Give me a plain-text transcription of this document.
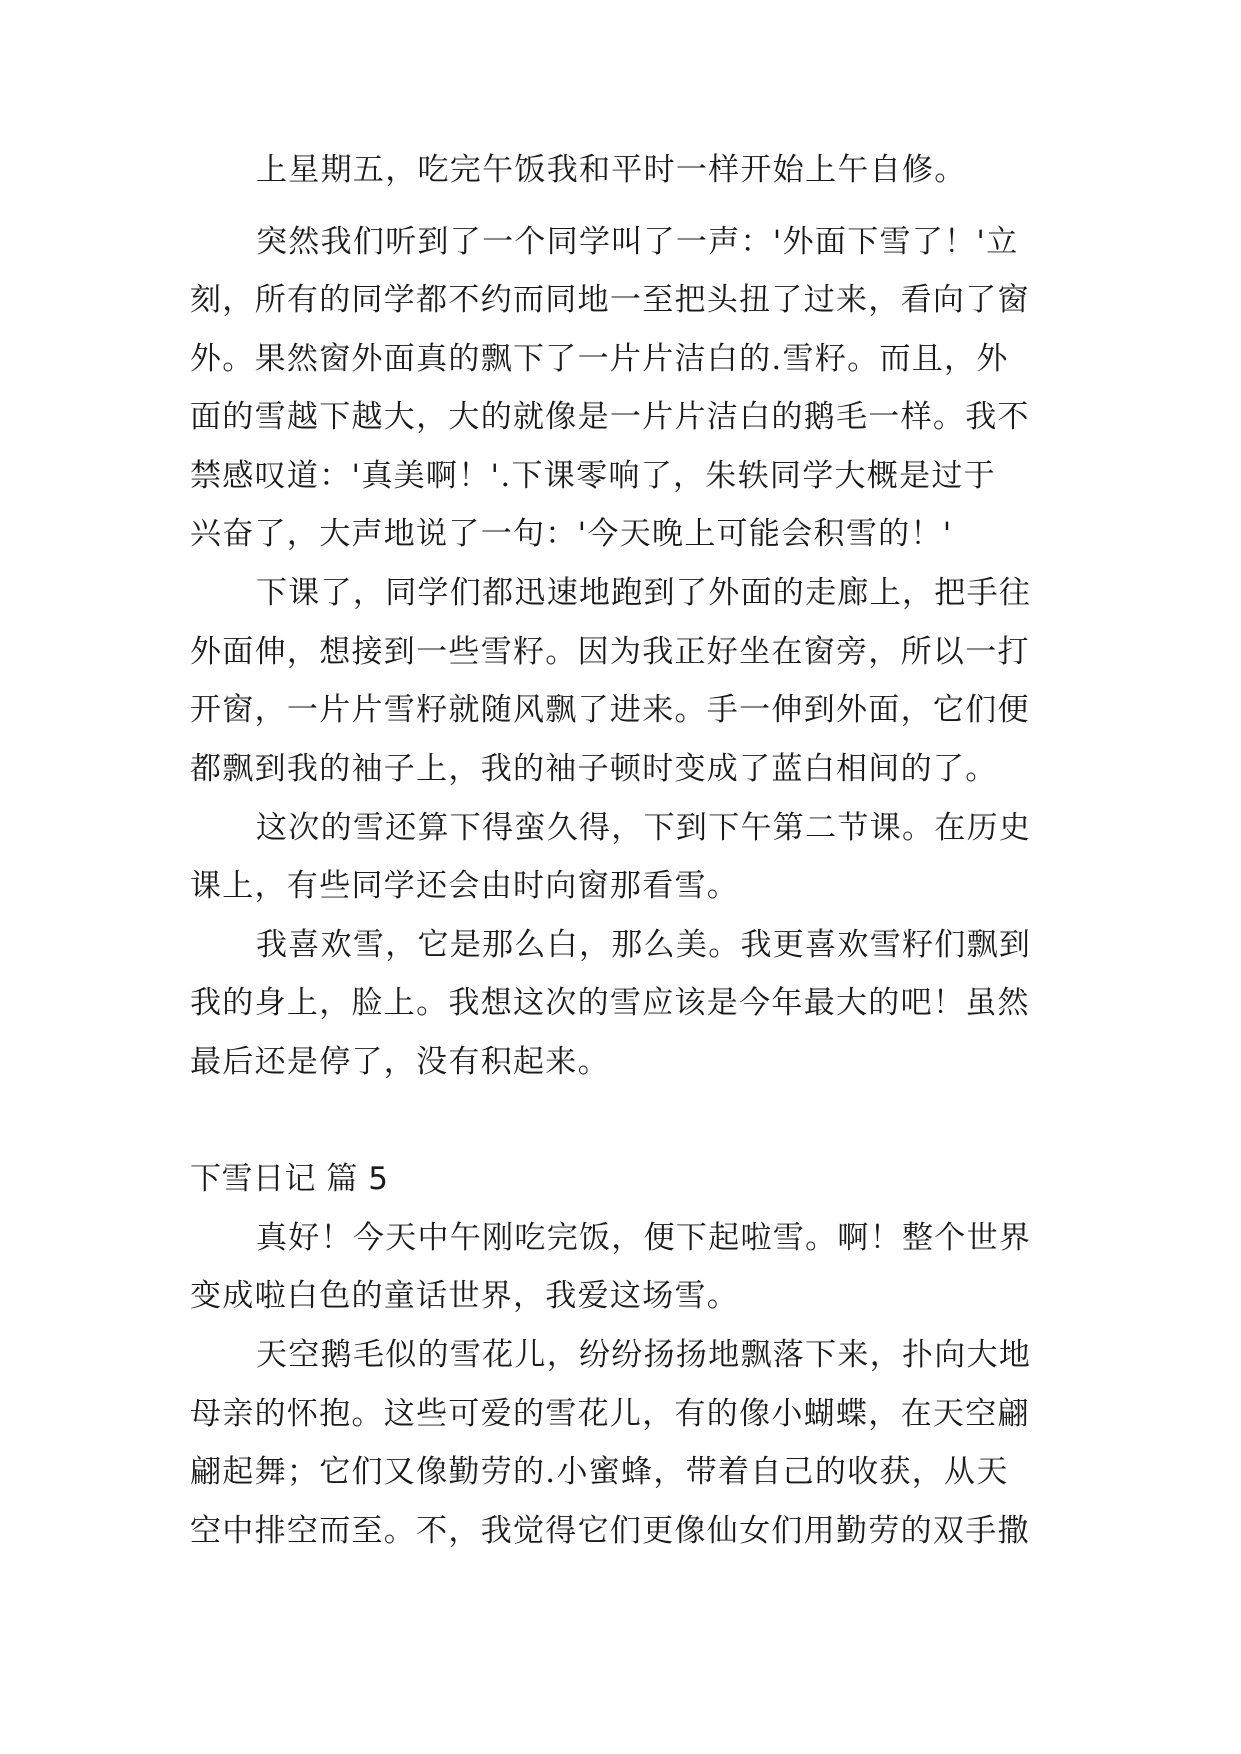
上星期五，吃完午饭我和平时一样开始上午自修。
突然我们听到了一个同学叫了一声：'外面下雪了！'立
刻，所有的同学都不约而同地一至把头扭了过来，看向了窗
外。果然窗外面真的飘下了一片片洁白的.雪籽。而且，外
面的雪越下越大，大的就像是一片片洁白的鹅毛一样。我不
禁感叹道：'真美啊！'.下课零响了，朱轶同学大概是过于
兴奋了，大声地说了一句：'今天晚上可能会积雪的！'
下课了，同学们都迅速地跑到了外面的走廊上，把手往
外面伸，想接到一些雪籽。因为我正好坐在窗旁，所以一打
开窗，一片片雪籽就随风飘了进来。手一伸到外面，它们便
都飘到我的袖子上，我的袖子顿时变成了蓝白相间的了。
这次的雪还算下得蛮久得，下到下午第二节课。在历史
课上，有些同学还会由时向窗那看雪。
我喜欢雪，它是那么白，那么美。我更喜欢雪籽们飘到
我的身上，脸上。我想这次的雪应该是今年最大的吧！虽然
最后还是停了，没有积起来。
下雪日记 篇 5
真好！今天中午刚吃完饭，便下起啦雪。啊！整个世界
变成啦白色的童话世界，我爱这场雪。
天空鹅毛似的雪花儿，纷纷扬扬地飘落下来，扑向大地
母亲的怀抱。这些可爱的雪花儿，有的像小蝴蝶，在天空翩
翩起舞；它们又像勤劳的.小蜜蜂，带着自己的收获，从天
空中排空而至。不，我觉得它们更像仙女们用勤劳的双手撒
